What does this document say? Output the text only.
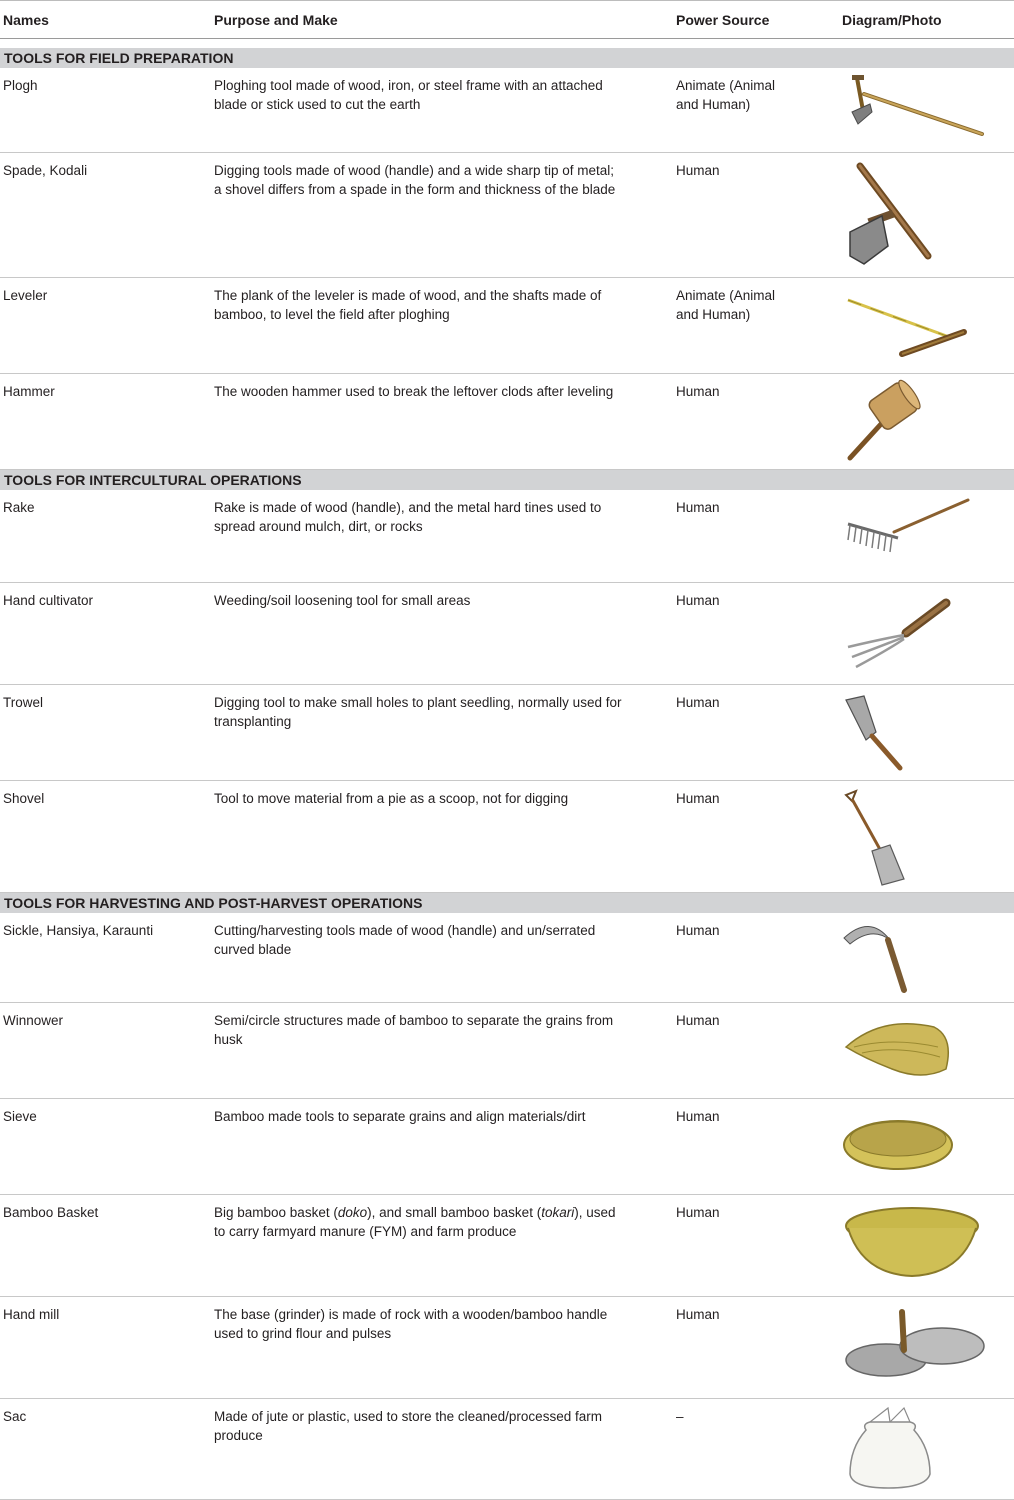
Names	Purpose and Make	Power Source	Diagram/Photo

TOOLS FOR FIELD PREPARATION			
Plogh	Ploghing tool made of wood, iron, or steel frame with an attached blade or stick used to cut the earth	Animate (Animal and Human)

Spade, Kodali	Digging tools made of wood (handle) and a wide sharp tip of metal; a shovel differs from a spade in the form and thickness of the blade	Human

Leveler	The plank of the leveler is made of wood, and the shafts made of bamboo, to level the field after ploghing	Animate (Animal and Human)

Hammer	The wooden hammer used to break the leftover clods after leveling	Human

TOOLS FOR INTERCULTURAL OPERATIONS			
Rake	Rake is made of wood (handle), and the metal hard tines used to spread around mulch, dirt, or rocks	Human

Hand cultivator	Weeding/soil loosening tool for small areas	Human

Trowel	Digging tool to make small holes to plant seedling, normally used for transplanting	Human

Shovel	Tool to move material from a pie as a scoop, not for digging	Human

TOOLS FOR HARVESTING AND POST-HARVEST OPERATIONS			
Sickle, Hansiya, Karaunti	Cutting/harvesting tools made of wood (handle) and un/serrated curved blade	Human

Winnower	Semi/circle structures made of bamboo to separate the grains from husk	Human

Sieve	Bamboo made tools to separate grains and align materials/dirt	Human

Bamboo Basket	Big bamboo basket (doko), and small bamboo basket (tokari), used to carry farmyard manure (FYM) and farm produce	Human

Hand mill	The base (grinder) is made of rock with a wooden/bamboo handle used to grind flour and pulses	Human

Sac	Made of jute or plastic, used to store the cleaned/processed farm produce	–
